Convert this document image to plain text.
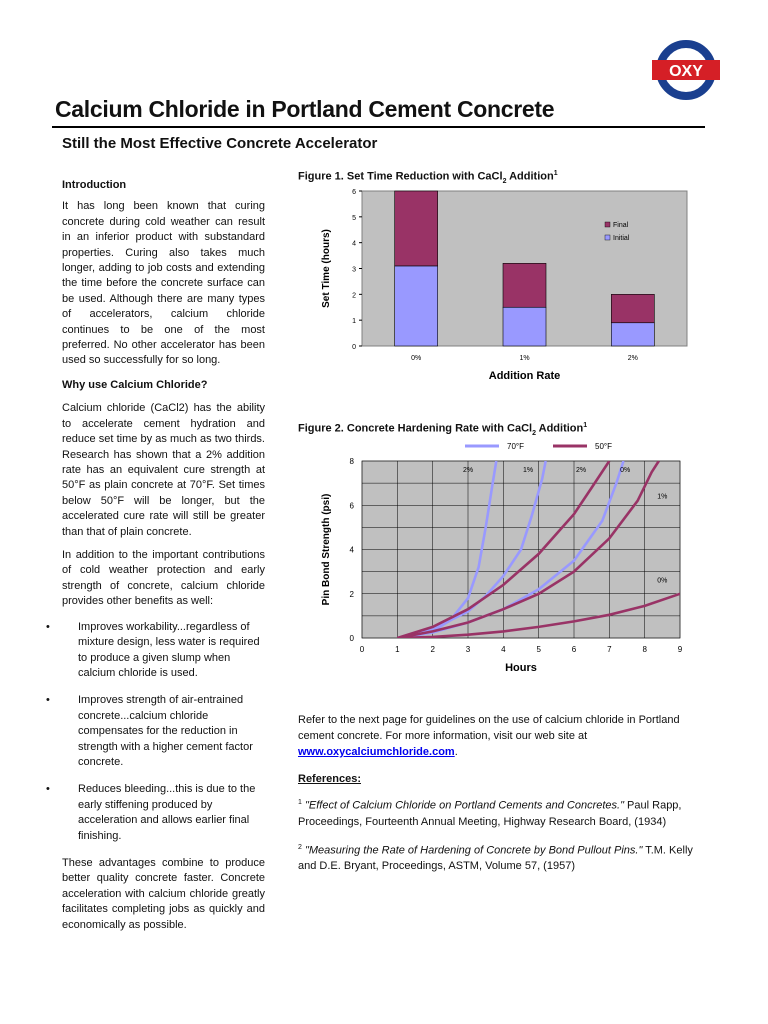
Calcium Chloride in Portland Cement Concrete
OXY
Still the Most Effective Concrete Accelerator

Introduction

It has long been known that curing concrete during cold weather can result in an inferior product with substandard properties. Curing also takes much longer, adding to job costs and extending the time before the concrete surface can be used. Although there are many types of accelerators, calcium chloride continues to be one of the most preferred. No other accelerator has been used so successfully for so long.

Why use Calcium Chloride?

Calcium chloride (CaCl2) has the ability to accelerate cement hydration and reduce set time by as much as two thirds. Research has shown that a 2% addition rate has an equivalent cure strength at 50°F as plain concrete at 70°F. Set times below 50°F will be longer, but the accelerated cure rate will still be greater than that of plain concrete.

In addition to the important contributions of cold weather protection and early strength of concrete, calcium chloride provides other benefits as well:

• Improves workability...regardless of mixture design, less water is required to produce a given slump when calcium chloride is used.
• Improves strength of air-entrained concrete...calcium chloride compensates for the reduction in strength with a higher cement factor concrete.
• Reduces bleeding...this is due to the early stiffening produced by acceleration and allows earlier final finishing.

These advantages combine to produce better quality concrete faster. Concrete acceleration with calcium chloride greatly facilitates completing jobs as quickly and economically as possible.

Figure 1. Set Time Reduction with CaCl$_2$ Addition$^1$
0
1
2
3
4
5
6
0%	1%	2%
Addition Rate
Set Time (hours)
Final
Initial
Figure 2. Concrete Hardening Rate with CaCl$_2$ Addition$^1$
0	1	2	3	4	5	6	7	8	9
0
2
4
6
8
Hours
Pin Bond Strength (psi)
2%	1%	2%	0%
1%
0%
70°F	50°F
Refer to the next page for guidelines on the use of calcium chloride in Portland cement concrete. For more information, visit our web site at www.oxycalciumchloride.com.
References:
$^1$ "Effect of Calcium Chloride on Portland Cements and Concretes." Paul Rapp, Proceedings, Fourteenth Annual Meeting, Highway Research Board, (1934)
$^2$ "Measuring the Rate of Hardening of Concrete by Bond Pullout Pins." T.M. Kelly and D.E. Bryant, Proceedings, ASTM, Volume 57, (1957)
